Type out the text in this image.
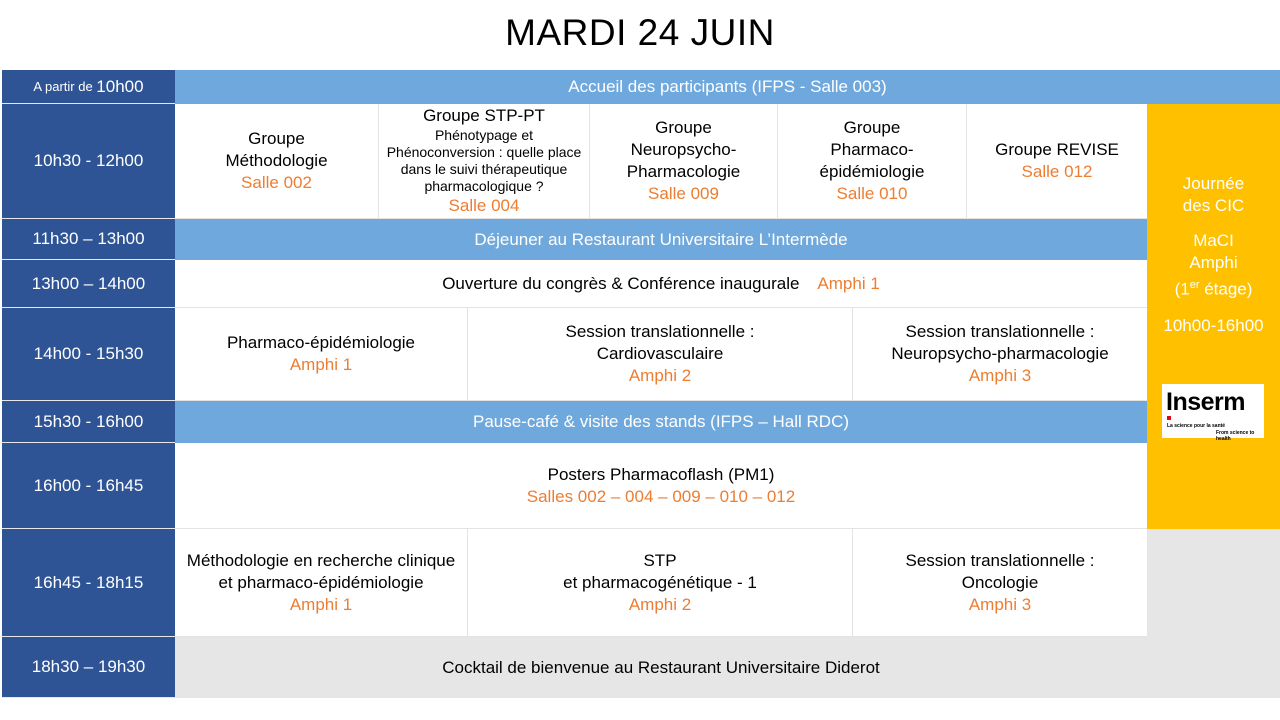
MARDI 24 JUIN
A partir de 10h00
10h30 - 12h00
11h30 – 13h00
13h00 – 14h00
14h00 - 15h30
15h30 - 16h00
16h00 - 16h45
16h45 - 18h15
18h30 – 19h30
Accueil des participants (IFPS - Salle 003)
Groupe
Méthodologie
Salle 002
Groupe STP-PT
Phénotypage et
Phénoconversion : quelle place
dans le suivi thérapeutique
pharmacologique ?
Salle 004
Groupe
Neuropsycho-
Pharmacologie
Salle 009
Groupe
Pharmaco-
épidémiologie
Salle 010
Groupe REVISE
Salle 012
Déjeuner au Restaurant Universitaire L’Intermède
Ouverture du congrès & Conférence inaugurale Amphi 1
Pharmaco-épidémiologie
Amphi 1
Session translationnelle :
Cardiovasculaire
Amphi 2
Session translationnelle :
Neuropsycho-pharmacologie
Amphi 3
Pause-café & visite des stands (IFPS – Hall RDC)
Posters Pharmacoflash (PM1)
Salles 002 – 004 – 009 – 010 – 012
Méthodologie en recherche clinique
et pharmaco-épidémiologie
Amphi 1
STP
et pharmacogénétique - 1
Amphi 2
Session translationnelle :
Oncologie
Amphi 3
Cocktail de bienvenue au Restaurant Universitaire Diderot
Journée
des CIC
MaCI
Amphi
(1er étage)
10h00-16h00
Inserm
La science pour la santé
From science to health
